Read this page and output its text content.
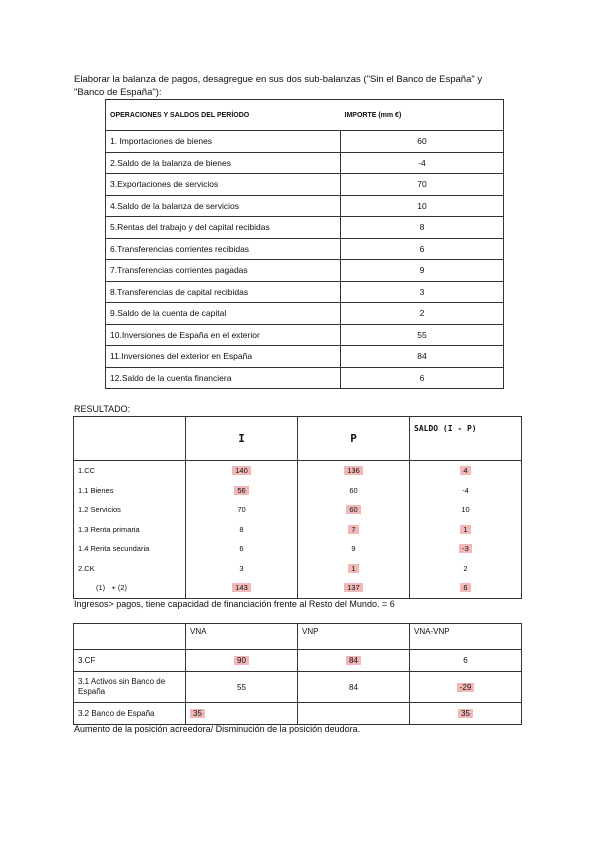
Elaborar la balanza de pagos, desagregue en sus dos sub-balanzas ("Sin el Banco de España" y "Banco de España"):
OPERACIONES Y SALDOS DEL PERÍODO	IMPORTE (mm €)
1. Importaciones de bienes	60
2.Saldo de la balanza de bienes	-4
3.Exportaciones de servicios	70
4.Saldo de la balanza de servicios	10
5.Rentas del trabajo y del capital recibidas	8
6.Transferencias corrientes recibidas	6
7.Transferencias corrientes pagadas	9
8.Transferencias de capital recibidas	3
9.Saldo de la cuenta de capital	2
10.Inversiones de España en el exterior	55
11.Inversiones del exterior en España	84
12.Saldo de la cuenta financiera	6
RESULTADO:
	I	P	SALDO (I - P)
1.CC	140	136	4
1.1 Bienes	56	60	-4
1.2 Servicios	70	60	10
1.3 Renta primaria	8	7	1
1.4 Renta secundaria	6	9	-3
2.CK	3	1	2
(1)   + (2)	143	137	6
Ingresos> pagos, tiene capacidad de financiación frente al Resto del Mundo. = 6
	VNA	VNP	VNA-VNP
3.CF	90	84	6
3.1 Activos sin Banco de España	55	84	-29
3.2 Banco de España	35		35
Aumento de la posición acreedora/ Disminución de la posición deudora.
